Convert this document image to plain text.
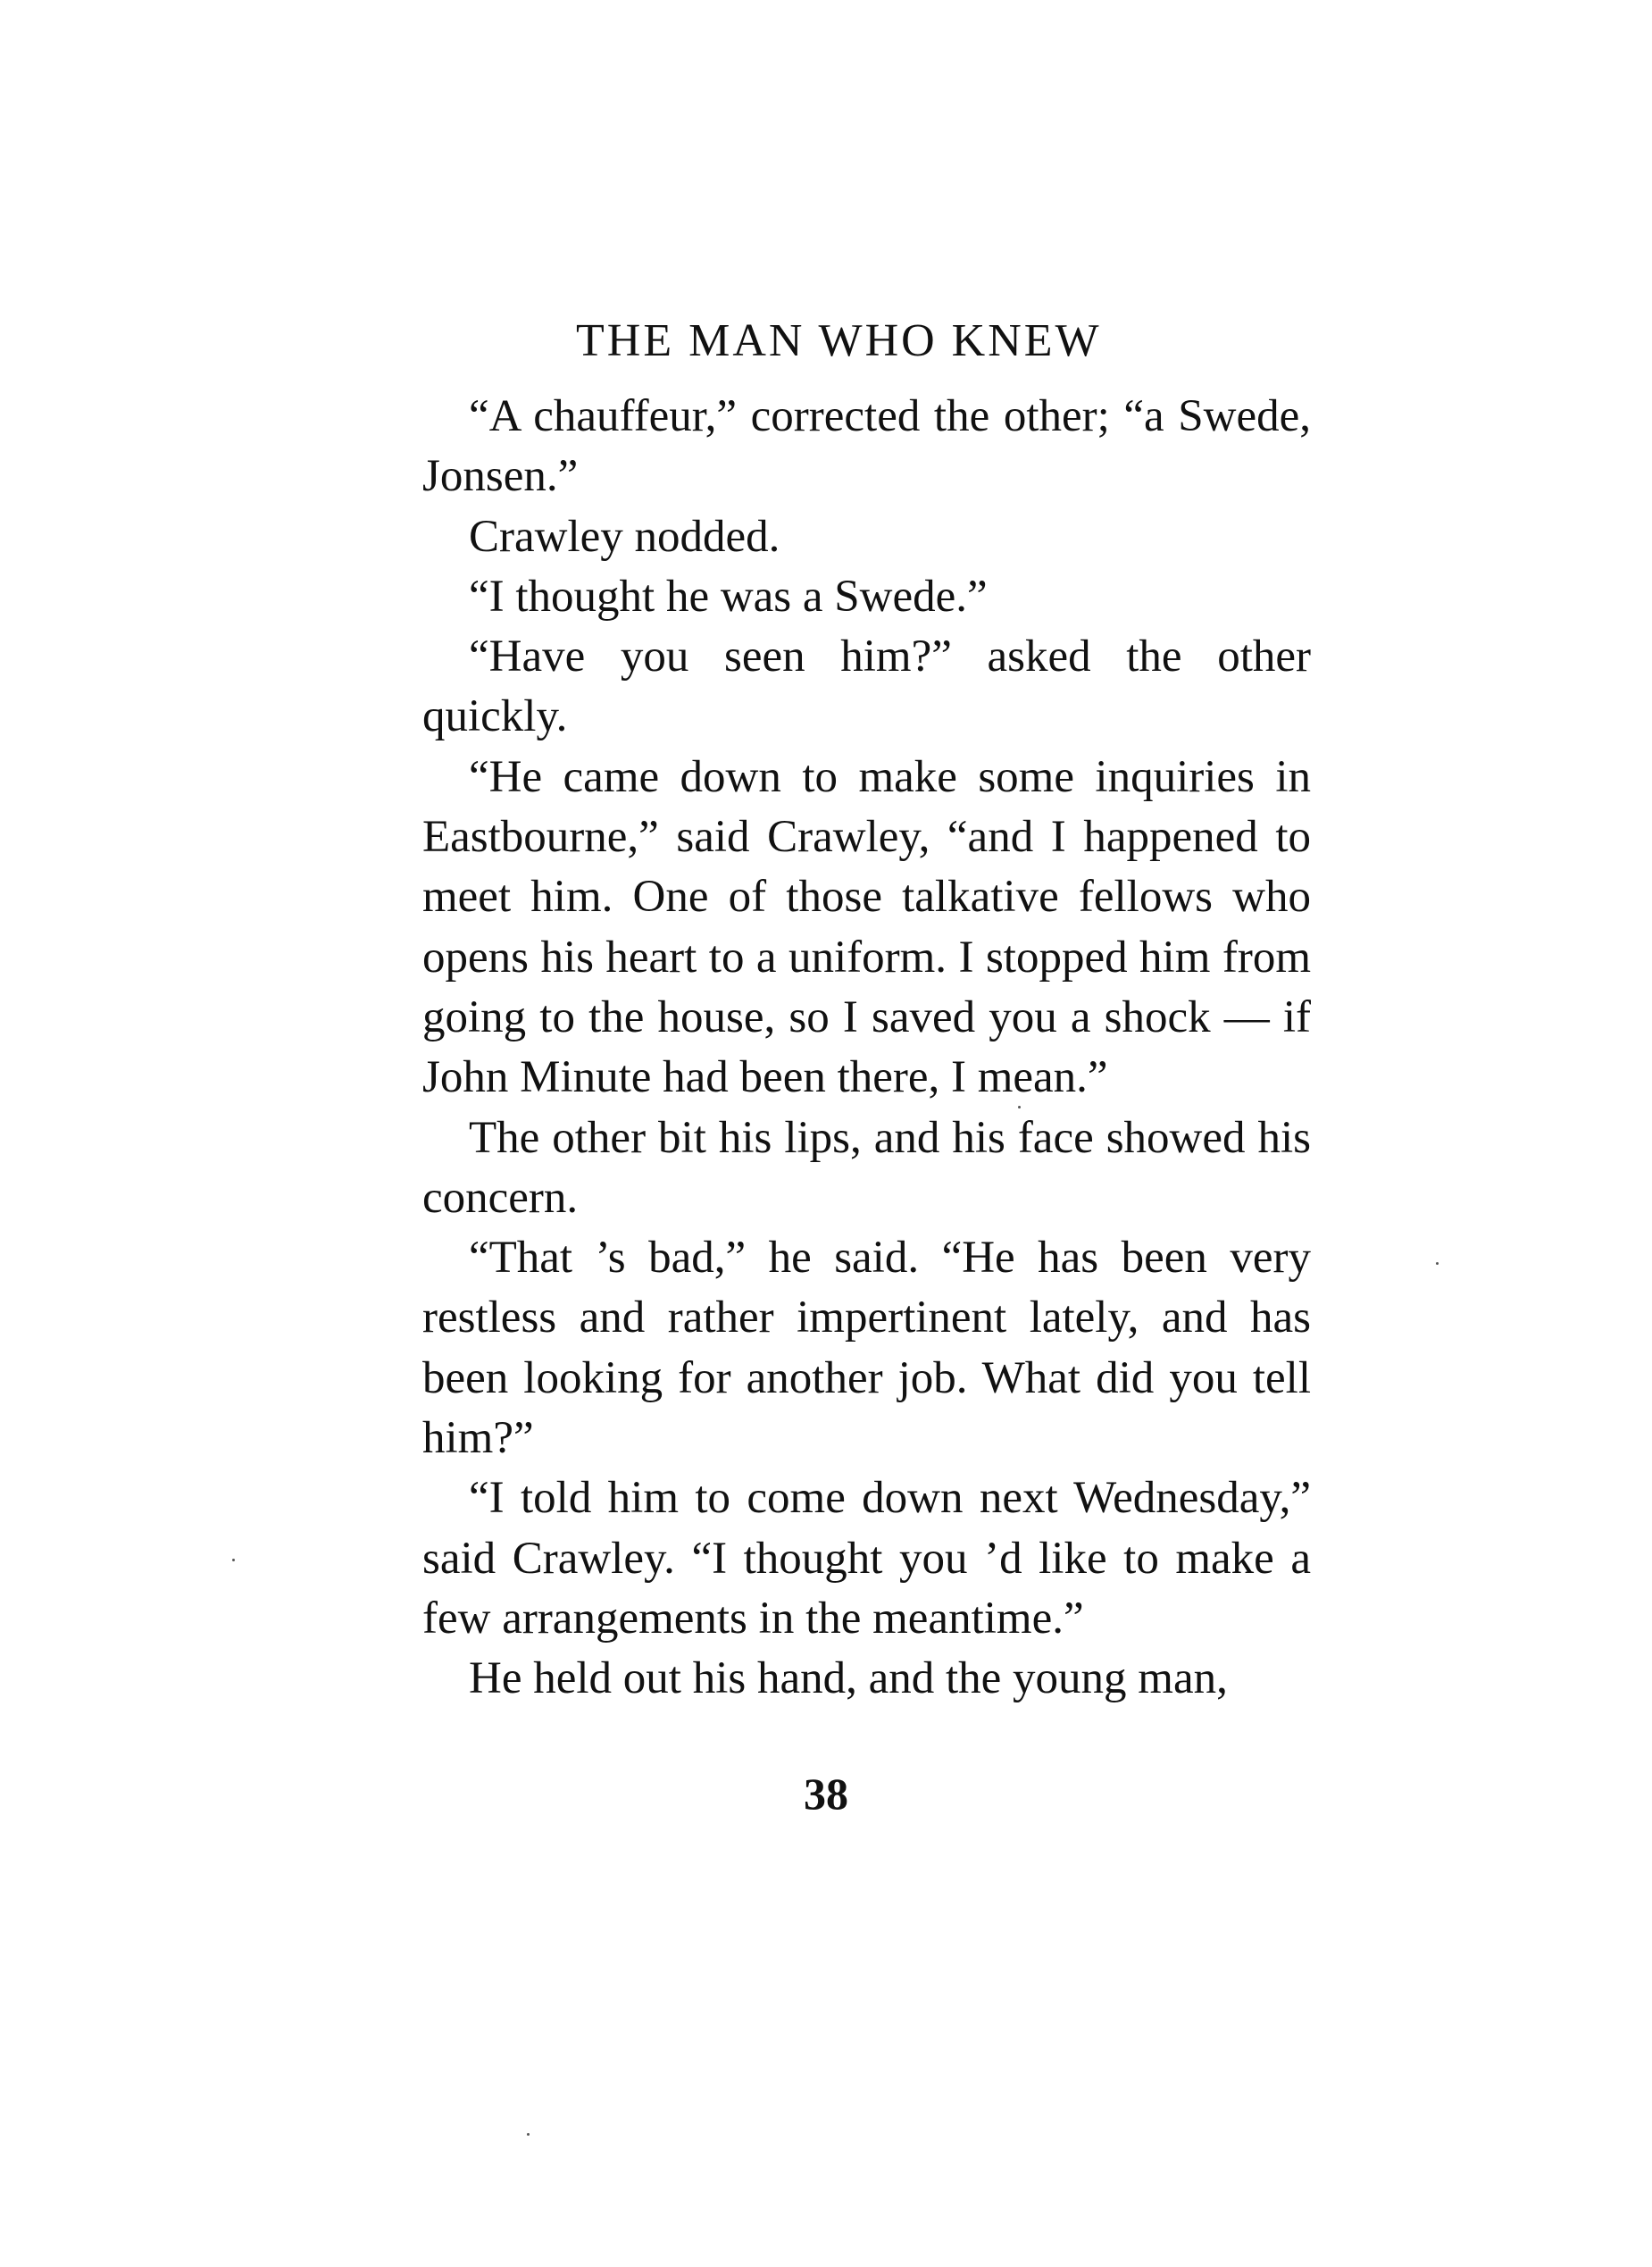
THE MAN WHO KNEW

“A chauffeur,” corrected the other; “a Swede, Jonsen.”

Crawley nodded.

“I thought he was a Swede.”

“Have you seen him?” asked the other quickly.

“He came down to make some inquiries in Eastbourne,” said Crawley, “and I happened to meet him. One of those talkative fellows who opens his heart to a uniform. I stopped him from going to the house, so I saved you a shock — if John Minute had been there, I mean.”

The other bit his lips, and his face showed his concern.

“That ’s bad,” he said. “He has been very restless and rather impertinent lately, and has been looking for another job. What did you tell him?”

“I told him to come down next Wednesday,” said Crawley. “I thought you ’d like to make a few arrangements in the meantime.”

He held out his hand, and the young man,

38
